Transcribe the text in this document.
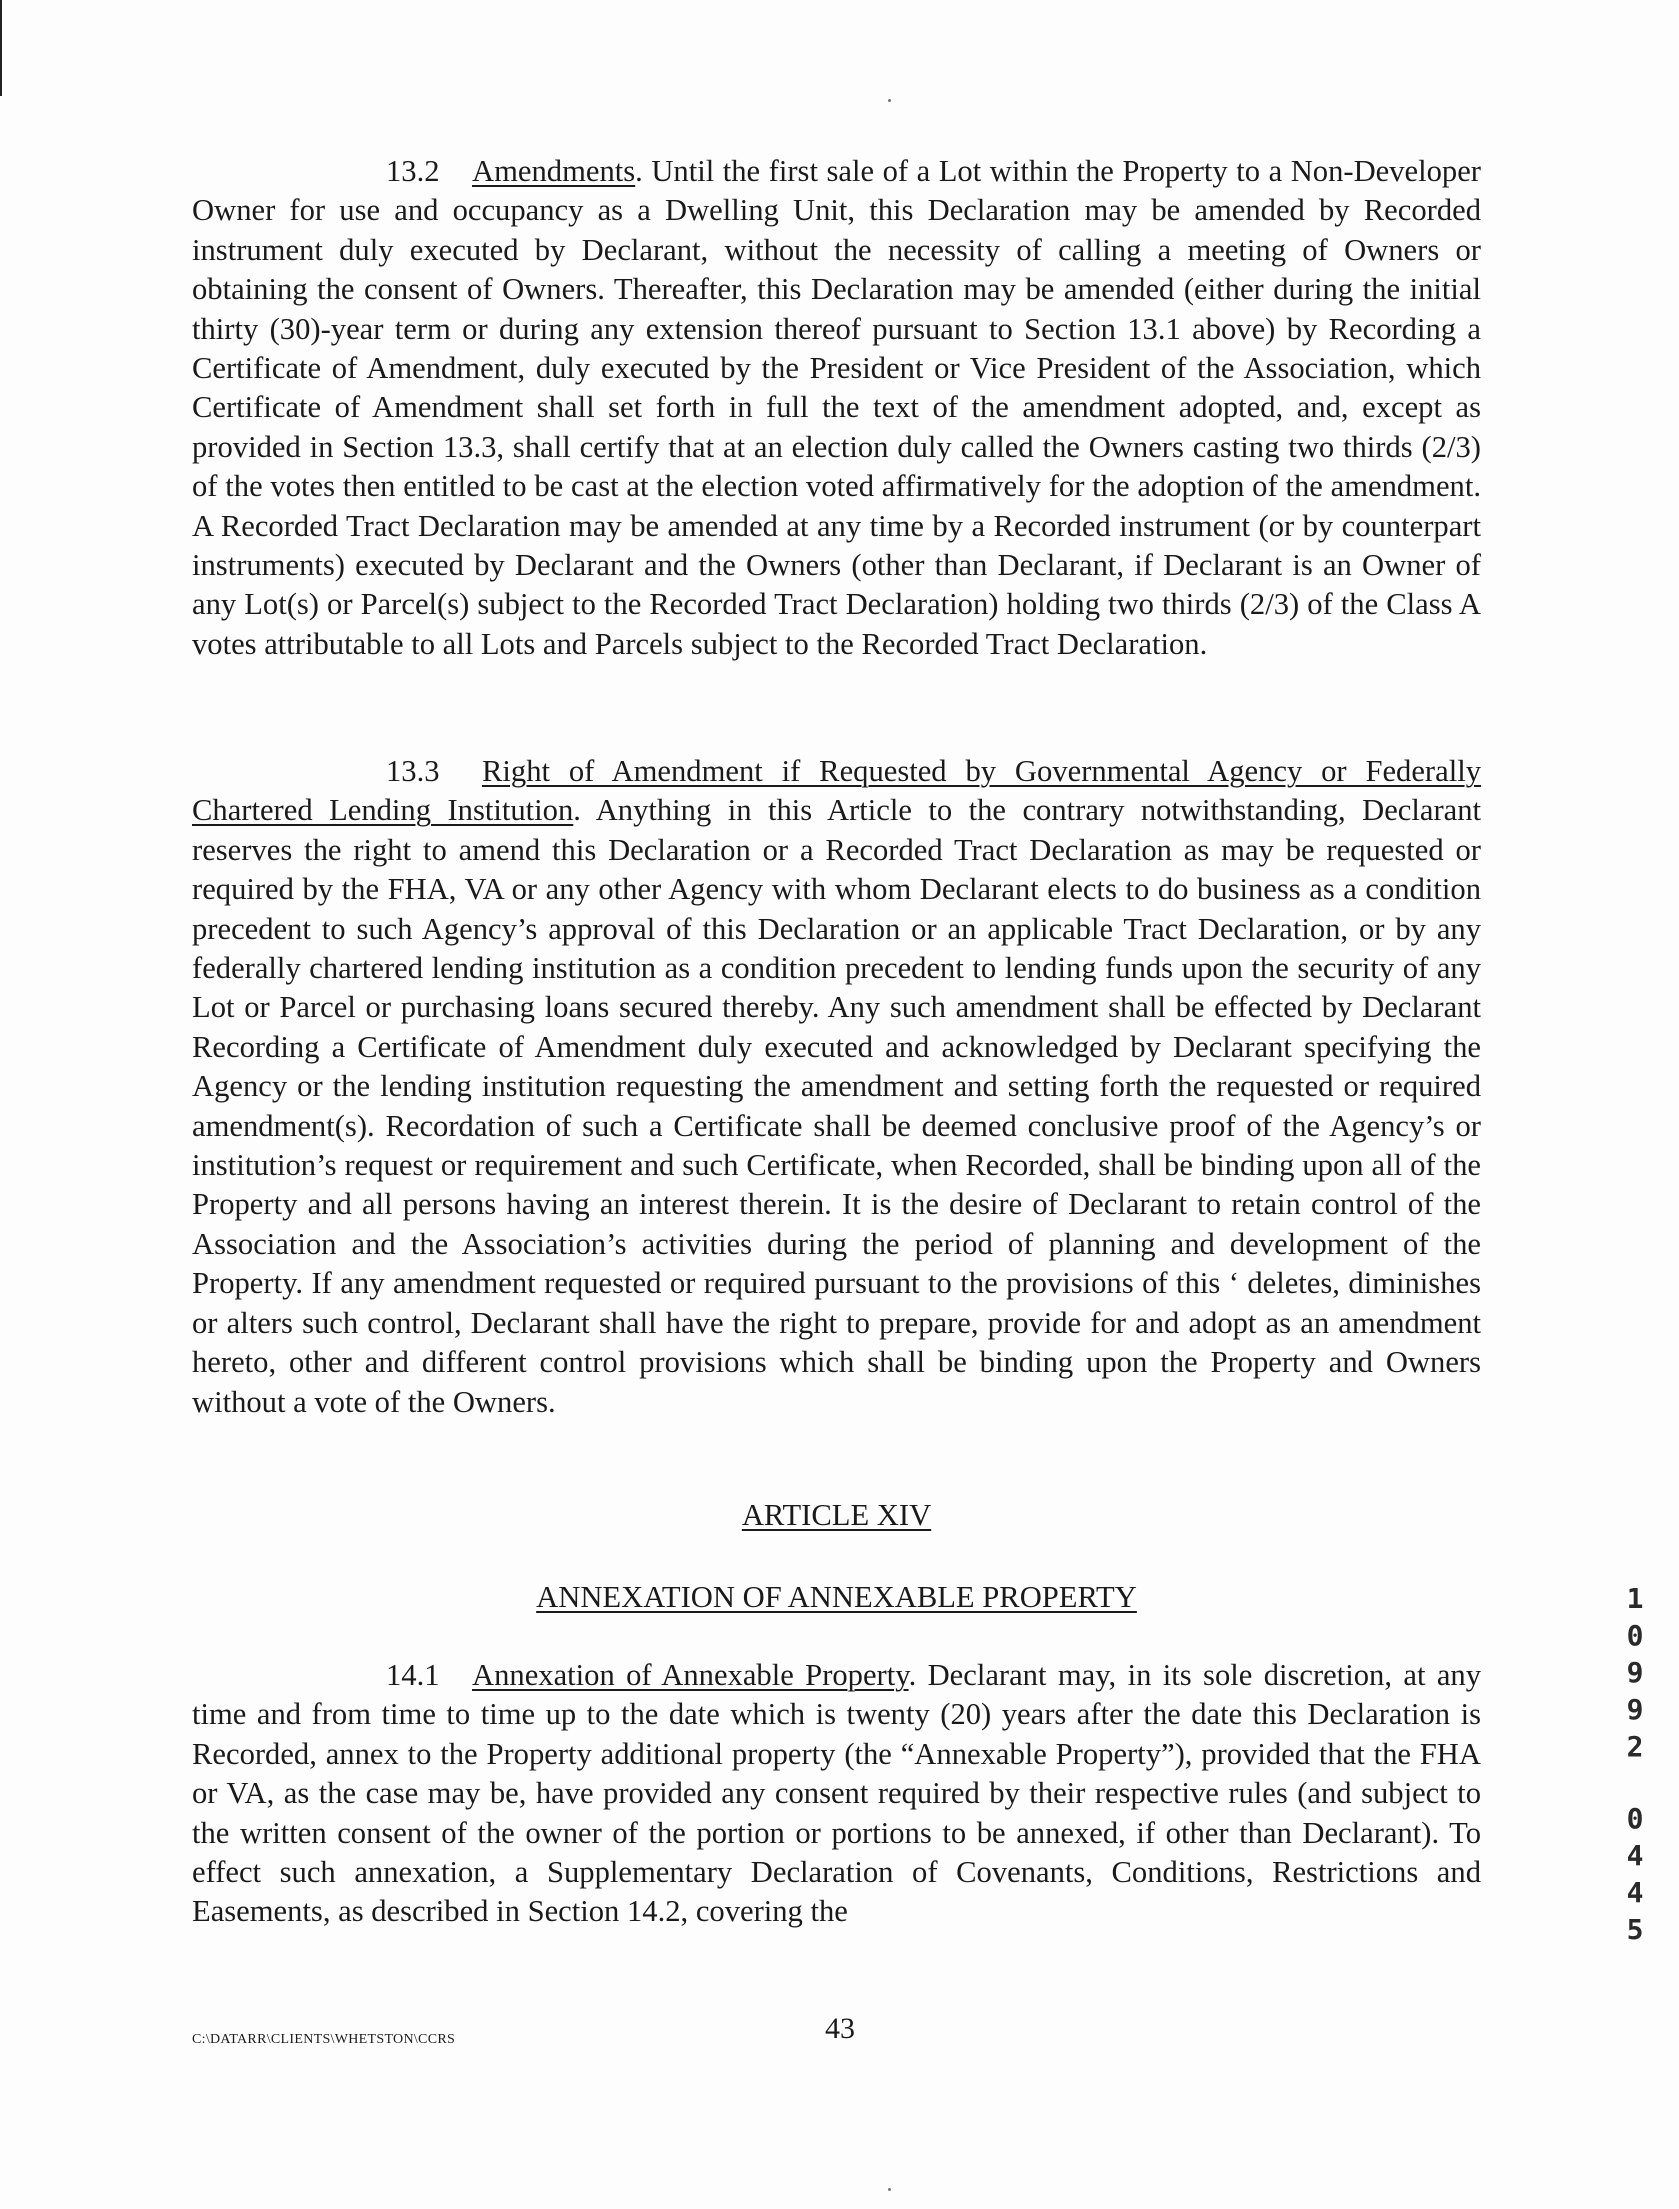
13.2 Amendments. Until the first sale of a Lot within the Property to a Non-Developer Owner for use and occupancy as a Dwelling Unit, this Declaration may be amended by Recorded instrument duly executed by Declarant, without the necessity of calling a meeting of Owners or obtaining the consent of Owners. Thereafter, this Declaration may be amended (either during the initial thirty (30)-year term or during any extension thereof pursuant to Section 13.1 above) by Recording a Certificate of Amendment, duly executed by the President or Vice President of the Association, which Certificate of Amendment shall set forth in full the text of the amendment adopted, and, except as provided in Section 13.3, shall certify that at an election duly called the Owners casting two thirds (2/3) of the votes then entitled to be cast at the election voted affirmatively for the adoption of the amendment. A Recorded Tract Declaration may be amended at any time by a Recorded instrument (or by counterpart instruments) executed by Declarant and the Owners (other than Declarant, if Declarant is an Owner of any Lot(s) or Parcel(s) subject to the Recorded Tract Declaration) holding two thirds (2/3) of the Class A votes attributable to all Lots and Parcels subject to the Recorded Tract Declaration.

13.3 Right of Amendment if Requested by Governmental Agency or Federally Chartered Lending Institution. Anything in this Article to the contrary notwithstanding, Declarant reserves the right to amend this Declaration or a Recorded Tract Declaration as may be requested or required by the FHA, VA or any other Agency with whom Declarant elects to do business as a condition precedent to such Agency’s approval of this Declaration or an applicable Tract Declaration, or by any federally chartered lending institution as a condition precedent to lending funds upon the security of any Lot or Parcel or purchasing loans secured thereby. Any such amendment shall be effected by Declarant Recording a Certificate of Amendment duly executed and acknowledged by Declarant specifying the Agency or the lending institution requesting the amendment and setting forth the requested or required amendment(s). Recordation of such a Certificate shall be deemed conclusive proof of the Agency’s or institution’s request or requirement and such Certificate, when Recorded, shall be binding upon all of the Property and all persons having an interest therein. It is the desire of Declarant to retain control of the Association and the Association’s activities during the period of planning and development of the Property. If any amendment requested or required pursuant to the provisions of this ‘ deletes, diminishes or alters such control, Declarant shall have the right to prepare, provide for and adopt as an amendment hereto, other and different control provisions which shall be binding upon the Property and Owners without a vote of the Owners.

ARTICLE XIV

ANNEXATION OF ANNEXABLE PROPERTY

14.1 Annexation of Annexable Property. Declarant may, in its sole discretion, at any time and from time to time up to the date which is twenty (20) years after the date this Declaration is Recorded, annex to the Property additional property (the “Annexable Property”), provided that the FHA or VA, as the case may be, have provided any consent required by their respective rules (and subject to the written consent of the owner of the portion or portions to be annexed, if other than Declarant). To effect such annexation, a Supplementary Declaration of Covenants, Conditions, Restrictions and Easements, as described in Section 14.2, covering the

1
0
9
9
2
0
4
4
5

C:\DATARR\CLIENTS\WHETSTON\CCRS	43
